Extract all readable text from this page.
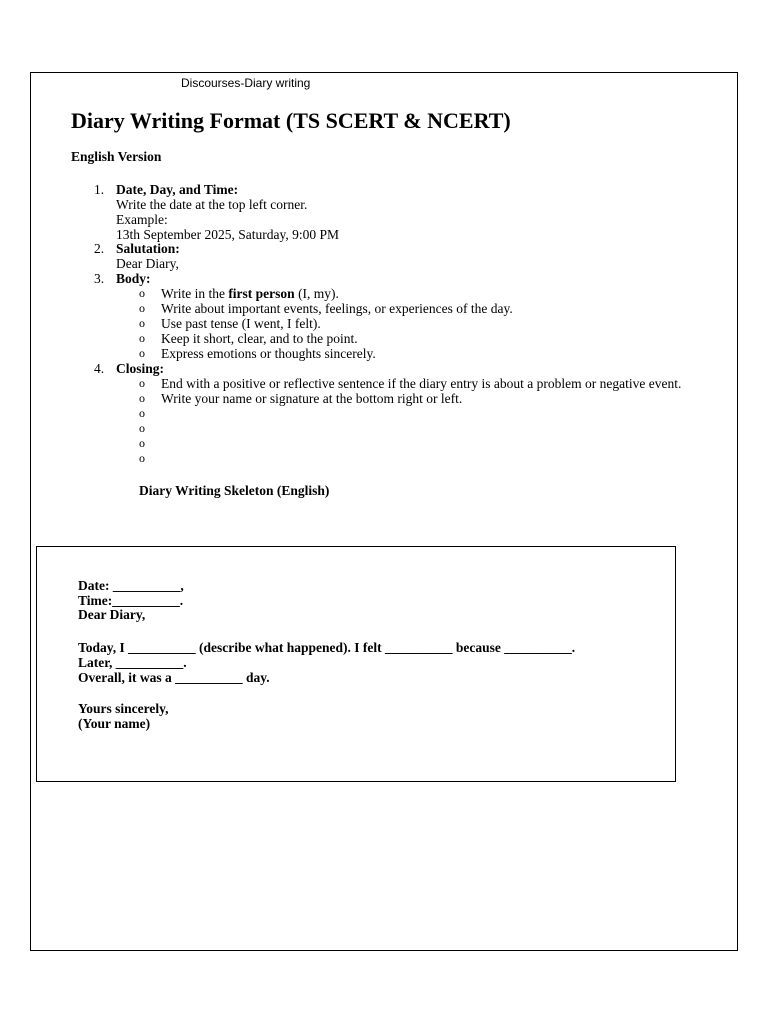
Discourses-Diary writing
Diary Writing Format (TS SCERT & NCERT)
English Version
1. Date, Day, and Time:
Write the date at the top left corner.
Example:
13th September 2025, Saturday, 9:00 PM
2. Salutation:
Dear Diary,
3. Body:
o Write in the first person (I, my).
o Write about important events, feelings, or experiences of the day.
o Use past tense (I went, I felt).
o Keep it short, clear, and to the point.
o Express emotions or thoughts sincerely.
4. Closing:
o End with a positive or reflective sentence if the diary entry is about a problem or negative event.
o Write your name or signature at the bottom right or left.
o
o
o
o
Diary Writing Skeleton (English)
Date: __________,
Time:__________.
Dear Diary,
Today, I __________ (describe what happened). I felt __________ because __________.
Later, __________.
Overall, it was a __________ day.
Yours sincerely,
(Your name)
